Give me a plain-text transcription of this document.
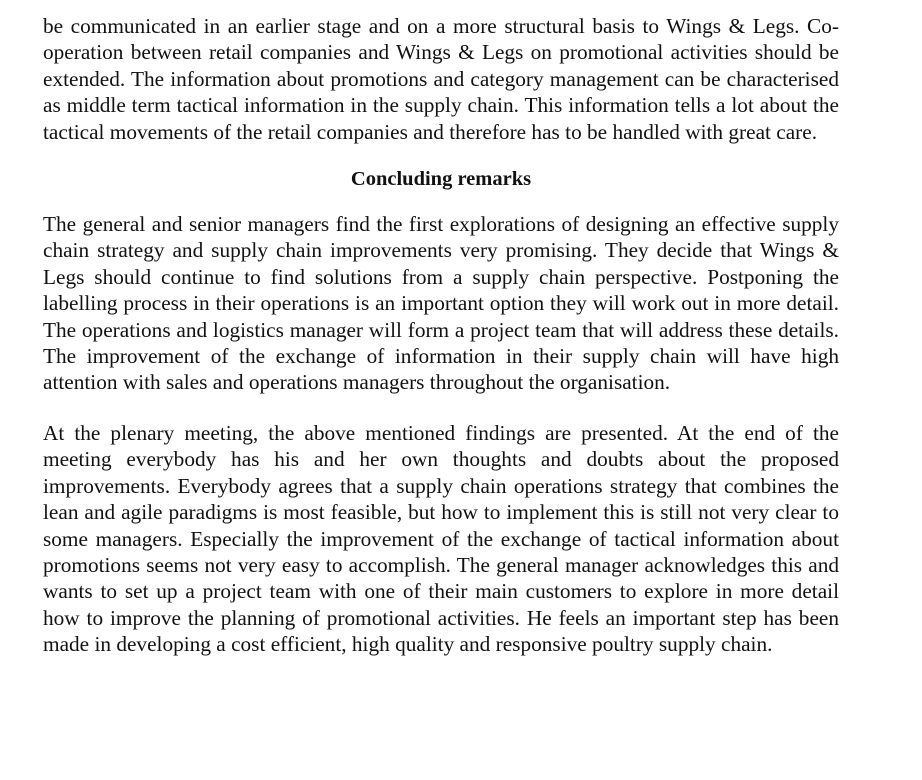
be communicated in an earlier stage and on a more structural basis to Wings & Legs. Co-operation between retail companies and Wings & Legs on promotional activities should be extended. The information about promotions and category management can be characterised as middle term tactical information in the supply chain. This information tells a lot about the tactical movements of the retail companies and therefore has to be handled with great care.

Concluding remarks

The general and senior managers find the first explorations of designing an effective supply chain strategy and supply chain improvements very promising. They decide that Wings & Legs should continue to find solutions from a supply chain perspective. Postponing the labelling process in their operations is an important option they will work out in more detail. The operations and logistics manager will form a project team that will address these details. The improvement of the exchange of information in their supply chain will have high attention with sales and operations managers throughout the organisation.

At the plenary meeting, the above mentioned findings are presented. At the end of the meeting everybody has his and her own thoughts and doubts about the proposed improvements. Everybody agrees that a supply chain operations strategy that combines the lean and agile paradigms is most feasible, but how to implement this is still not very clear to some managers. Especially the improvement of the exchange of tactical information about promotions seems not very easy to accomplish. The general manager acknowledges this and wants to set up a project team with one of their main customers to explore in more detail how to improve the planning of promotional activities. He feels an important step has been made in developing a cost efficient, high quality and responsive poultry supply chain.
